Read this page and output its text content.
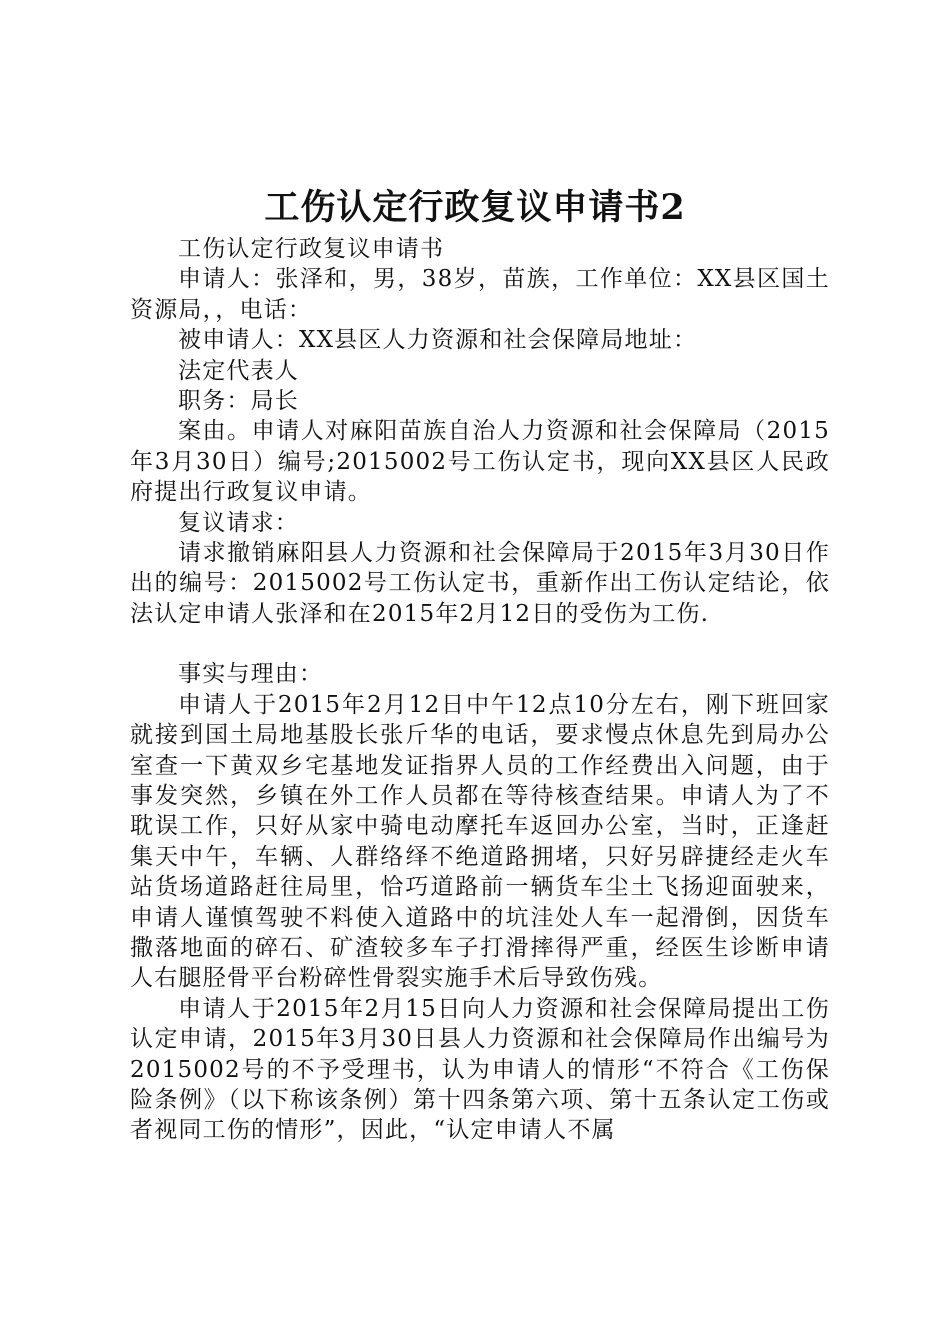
工伤认定行政复议申请书2

工伤认定行政复议申请书

申请人：张泽和，男，38岁，苗族，工作单位：XX县区国土资源局，，电话：

被申请人：XX县区人力资源和社会保障局地址：

法定代表人

职务：局长

案由。申请人对麻阳苗族自治人力资源和社会保障局（2015年3月30日）编号;2015002号工伤认定书，现向XX县区人民政府提出行政复议申请。

复议请求：

请求撤销麻阳县人力资源和社会保障局于2015年3月30日作出的编号：2015002号工伤认定书，重新作出工伤认定结论，依法认定申请人张泽和在2015年2月12日的受伤为工伤.

事实与理由：

申请人于2015年2月12日中午12点10分左右，刚下班回家就接到国土局地基股长张斤华的电话，要求慢点休息先到局办公室查一下黄双乡宅基地发证指界人员的工作经费出入问题，由于事发突然，乡镇在外工作人员都在等待核查结果。申请人为了不耽误工作，只好从家中骑电动摩托车返回办公室，当时，正逢赶集天中午，车辆、人群络绎不绝道路拥堵，只好另辟捷经走火车站货场道路赶往局里，恰巧道路前一辆货车尘土飞扬迎面驶来，申请人谨慎驾驶不料使入道路中的坑洼处人车一起滑倒，因货车撒落地面的碎石、矿渣较多车子打滑摔得严重，经医生诊断申请人右腿胫骨平台粉碎性骨裂实施手术后导致伤残。

申请人于2015年2月15日向人力资源和社会保障局提出工伤认定申请，2015年3月30日县人力资源和社会保障局作出编号为2015002号的不予受理书，认为申请人的情形“不符合《工伤保险条例》（以下称该条例）第十四条第六项、第十五条认定工伤或者视同工伤的情形”，因此，“认定申请人不属
